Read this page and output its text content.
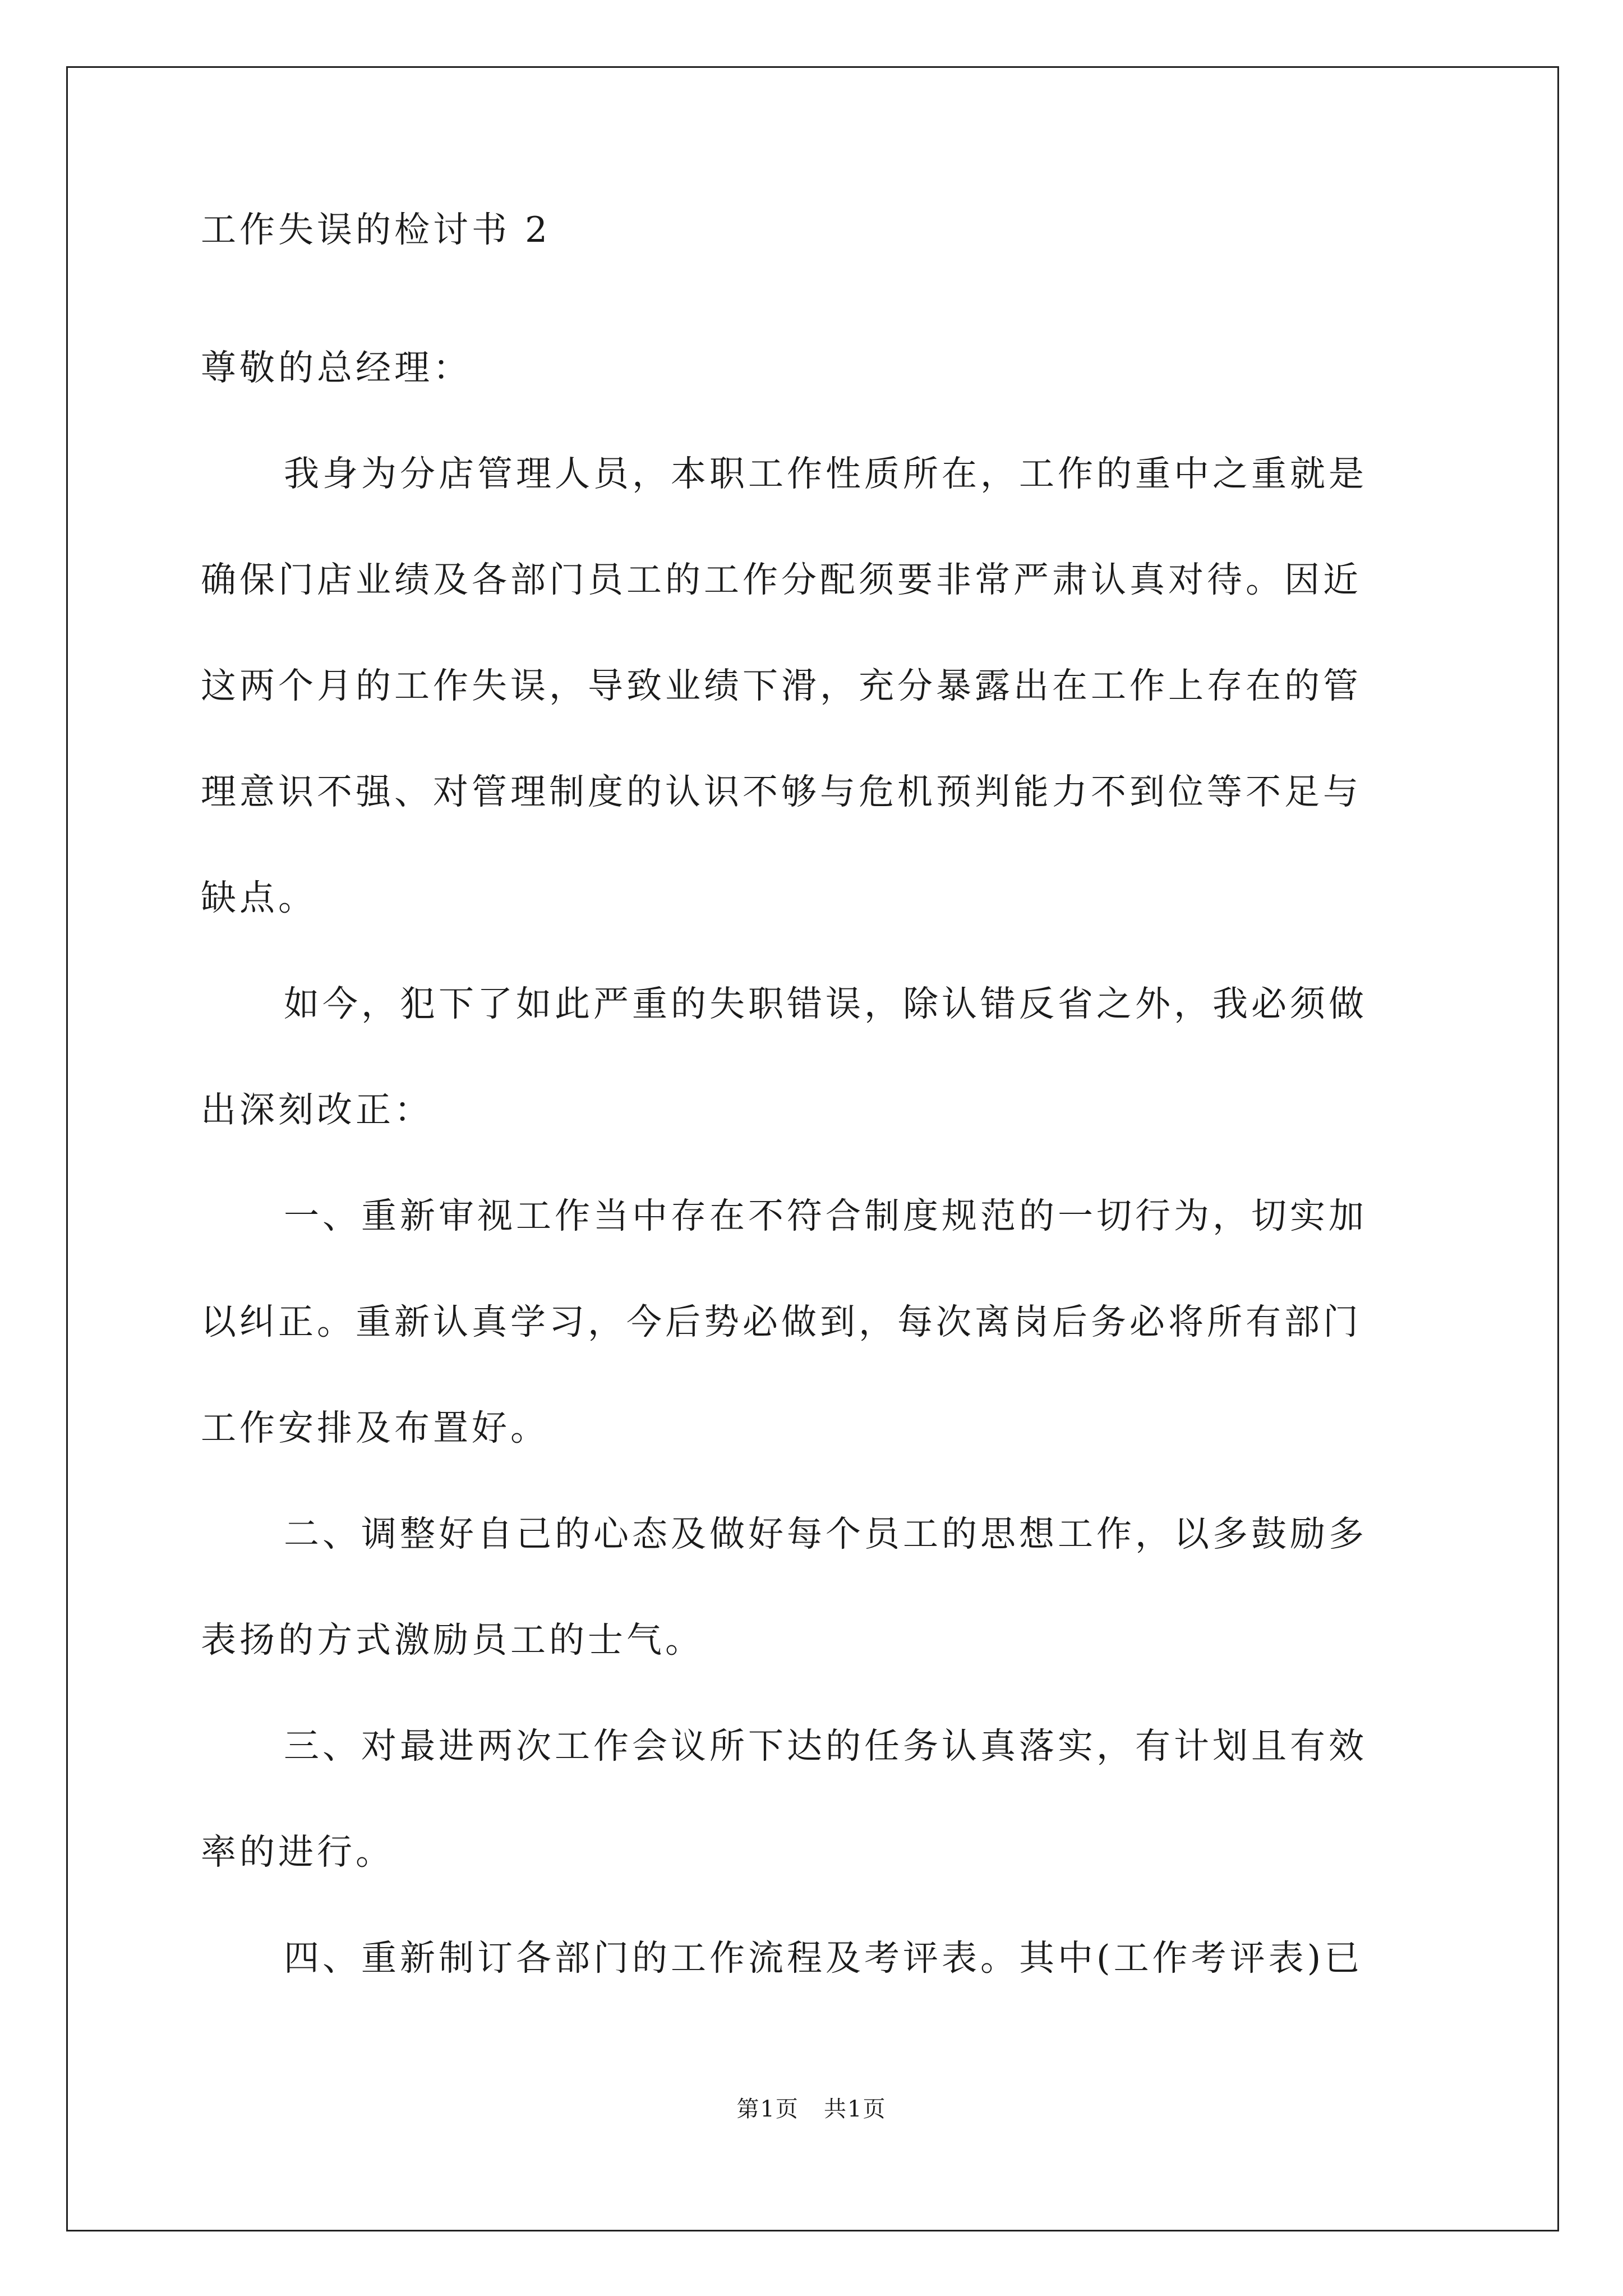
工作失误的检讨书 2
尊敬的总经理：
我身为分店管理人员，本职工作性质所在，工作的重中之重就是
确保门店业绩及各部门员工的工作分配须要非常严肃认真对待。因近
这两个月的工作失误，导致业绩下滑，充分暴露出在工作上存在的管
理意识不强、对管理制度的认识不够与危机预判能力不到位等不足与
缺点。
如今，犯下了如此严重的失职错误，除认错反省之外，我必须做
出深刻改正：
一、重新审视工作当中存在不符合制度规范的一切行为，切实加
以纠正。重新认真学习，今后势必做到，每次离岗后务必将所有部门
工作安排及布置好。
二、调整好自己的心态及做好每个员工的思想工作，以多鼓励多
表扬的方式激励员工的士气。
三、对最进两次工作会议所下达的任务认真落实，有计划且有效
率的进行。
四、重新制订各部门的工作流程及考评表。其中(工作考评表)已
第1页   共1页
